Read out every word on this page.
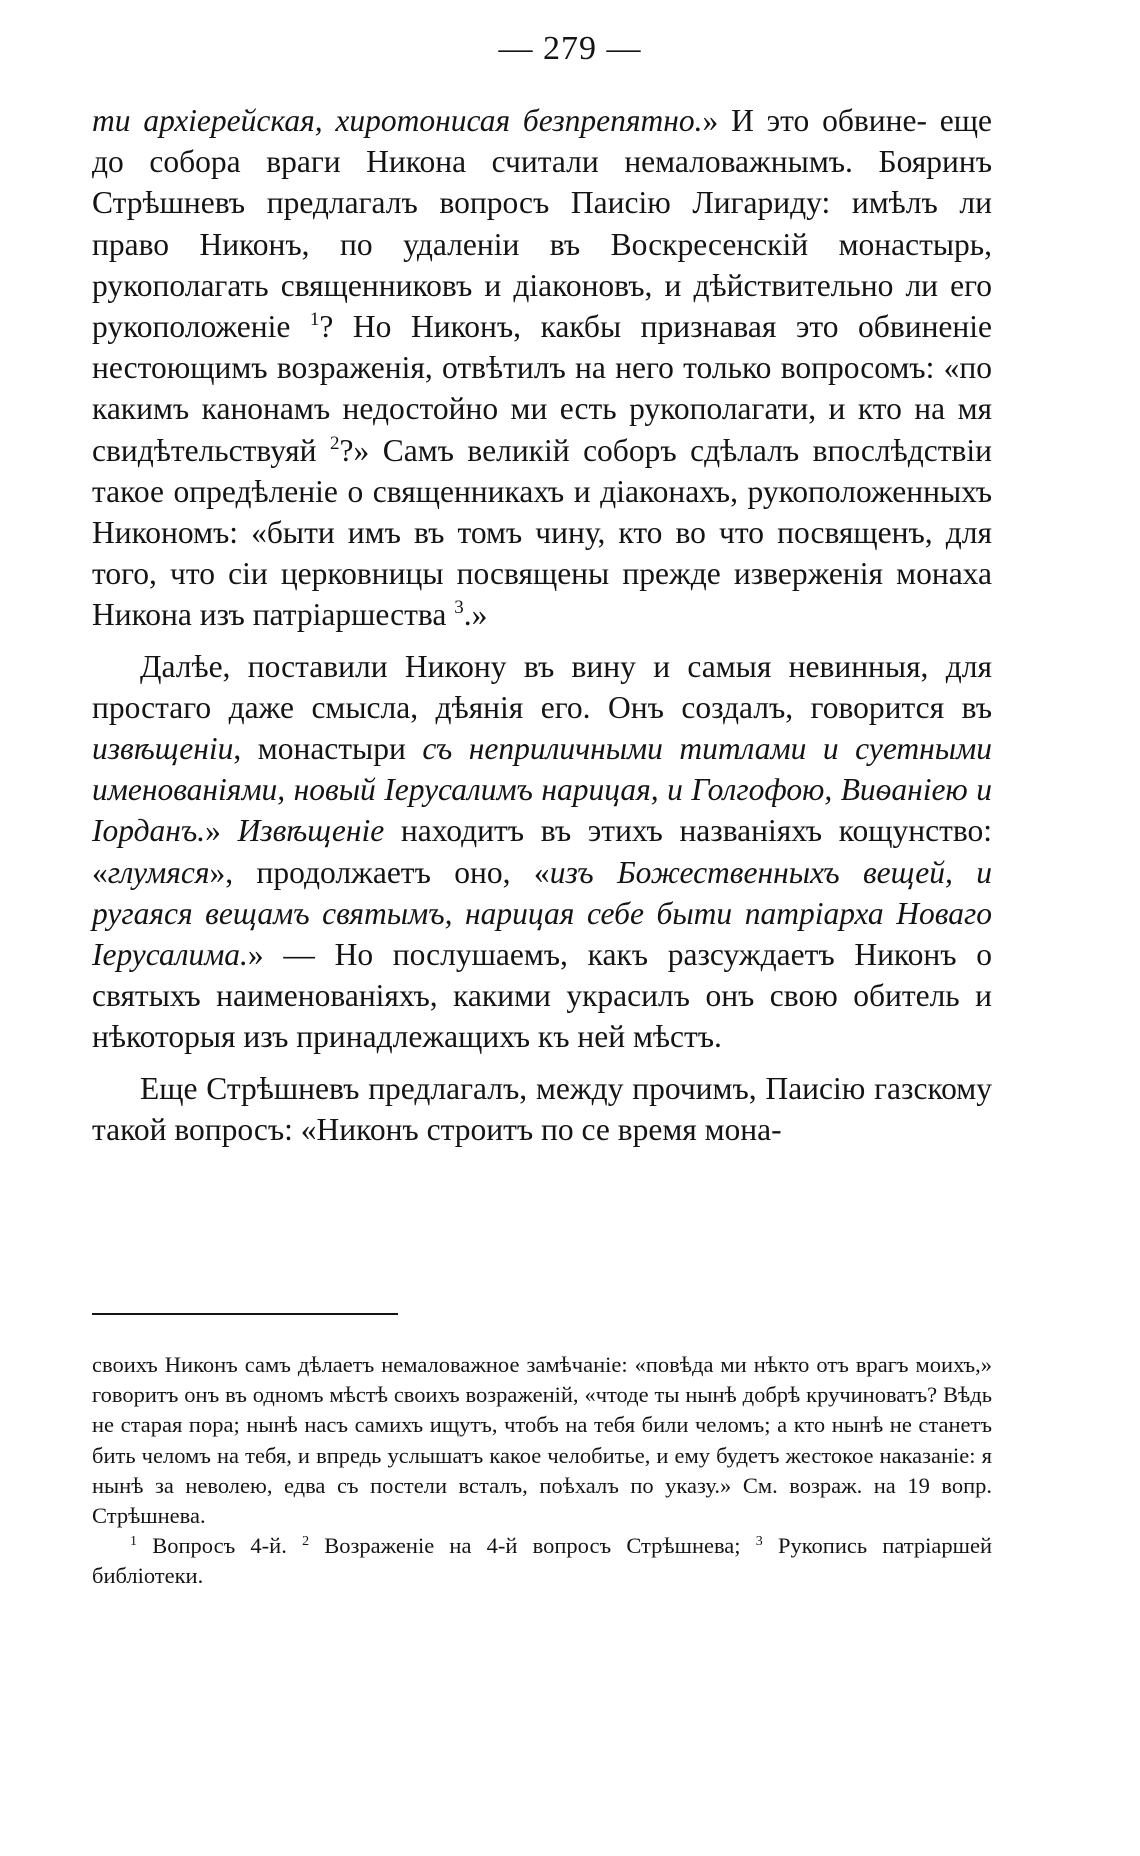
— 279 —

ти архіерейская, хиротонисая безпрепятно.» И это обвине- еще до собора враги Никона считали немаловажнымъ. Бояринъ Стрѣшневъ предлагалъ вопросъ Паисію Лигариду: имѣлъ ли право Никонъ, по удаленіи въ Воскресенскій монастырь, рукополагать священниковъ и діаконовъ, и дѣйствительно ли его рукоположеніе $^1$? Но Никонъ, какбы признавая это обвиненіе нестоющимъ возраженія, отвѣтилъ на него только вопросомъ: «по какимъ канонамъ недостойно ми есть рукополагати, и кто на мя свидѣтельствуяй $^2$?» Самъ великій соборъ сдѣлалъ впослѣдствіи такое опредѣленіе о священникахъ и діаконахъ, рукоположенныхъ Никономъ: «быти имъ въ томъ чину, кто во что посвященъ, для того, что сіи церковницы посвящены прежде изверженія монаха Никона изъ патріаршества $^3$.»

Далѣе, поставили Никону въ вину и самыя невинныя, для простаго даже смысла, дѣянія его. Онъ создалъ, говорится въ извѣщеніи, монастыри съ неприличными титлами и суетными именованіями, новый Іерусалимъ нарицая, и Голгофою, Виѳаніею и Іорданъ.» Извѣщеніе находитъ въ этихъ названіяхъ кощунство: «глумяся», продолжаетъ оно, «изъ Божественныхъ вещей, и ругаяся вещамъ святымъ, нарицая себе быти патріарха Новаго Іерусалима.» — Но послушаемъ, какъ разсуждаетъ Никонъ о святыхъ наименованіяхъ, какими украсилъ онъ свою обитель и нѣкоторыя изъ принадлежащихъ къ ней мѣстъ.

Еще Стрѣшневъ предлагалъ, между прочимъ, Паисію газскому такой вопросъ: «Никонъ строитъ по се время мона-

своихъ Никонъ самъ дѣлаетъ немаловажное замѣчаніе: «повѣда ми нѣкто отъ врагъ моихъ,» говоритъ онъ въ одномъ мѣстѣ своихъ возраженій, «чтоде ты нынѣ добрѣ кручиноватъ? Вѣдь не старая пора; нынѣ насъ самихъ ищутъ, чтобъ на тебя били челомъ; а кто нынѣ не станетъ бить челомъ на тебя, и впредь услышатъ какое челобитье, и ему будетъ жестокое наказаніе: я нынѣ за неволею, едва съ постели всталъ, поѣхалъ по указу.» См. возраж. на 19 вопр. Стрѣшнева.

$^1$ Вопросъ 4-й. $^2$ Возраженіе на 4-й вопросъ Стрѣшнева; $^3$ Рукопись патріаршей библіотеки.
